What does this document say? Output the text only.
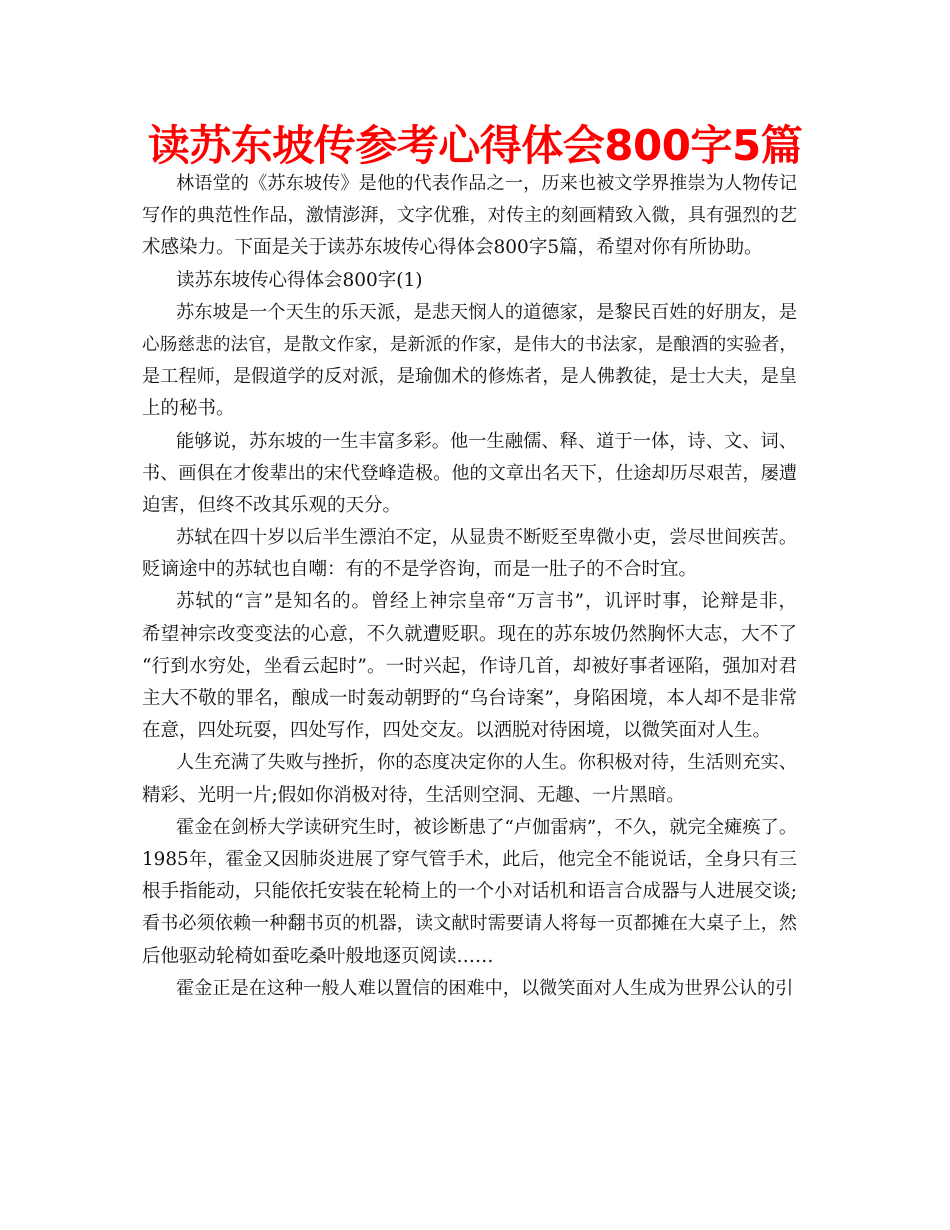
读苏东坡传参考心得体会800字5篇
林语堂的《苏东坡传》是他的代表作品之一，历来也被文学界推崇为人物传记
写作的典范性作品，激情澎湃，文字优雅，对传主的刻画精致入微，具有强烈的艺
术感染力。下面是关于读苏东坡传心得体会800字5篇，希望对你有所协助。
读苏东坡传心得体会800字(1)
苏东坡是一个天生的乐天派，是悲天悯人的道德家，是黎民百姓的好朋友，是
心肠慈悲的法官，是散文作家，是新派的作家，是伟大的书法家，是酿酒的实验者，
是工程师，是假道学的反对派，是瑜伽术的修炼者，是人佛教徒，是士大夫，是皇
上的秘书。
能够说，苏东坡的一生丰富多彩。他一生融儒、释、道于一体，诗、文、词、
书、画俱在才俊辈出的宋代登峰造极。他的文章出名天下，仕途却历尽艰苦，屡遭
迫害，但终不改其乐观的天分。
苏轼在四十岁以后半生漂泊不定，从显贵不断贬至卑微小吏，尝尽世间疾苦。
贬谪途中的苏轼也自嘲：有的不是学咨询，而是一肚子的不合时宜。
苏轼的“言”是知名的。曾经上神宗皇帝“万言书”，讥评时事，论辩是非，
希望神宗改变变法的心意，不久就遭贬职。现在的苏东坡仍然胸怀大志，大不了
“行到水穷处，坐看云起时”。一时兴起，作诗几首，却被好事者诬陷，强加对君
主大不敬的罪名，酿成一时轰动朝野的“乌台诗案”，身陷困境，本人却不是非常
在意，四处玩耍，四处写作，四处交友。以洒脱对待困境，以微笑面对人生。
人生充满了失败与挫折，你的态度决定你的人生。你积极对待，生活则充实、
精彩、光明一片;假如你消极对待，生活则空洞、无趣、一片黑暗。
霍金在剑桥大学读研究生时，被诊断患了“卢伽雷病”，不久，就完全瘫痪了。
1985年，霍金又因肺炎进展了穿气管手术，此后，他完全不能说话，全身只有三
根手指能动，只能依托安装在轮椅上的一个小对话机和语言合成器与人进展交谈;
看书必须依赖一种翻书页的机器，读文献时需要请人将每一页都摊在大桌子上，然
后他驱动轮椅如蚕吃桑叶般地逐页阅读……
霍金正是在这种一般人难以置信的困难中，以微笑面对人生成为世界公认的引
